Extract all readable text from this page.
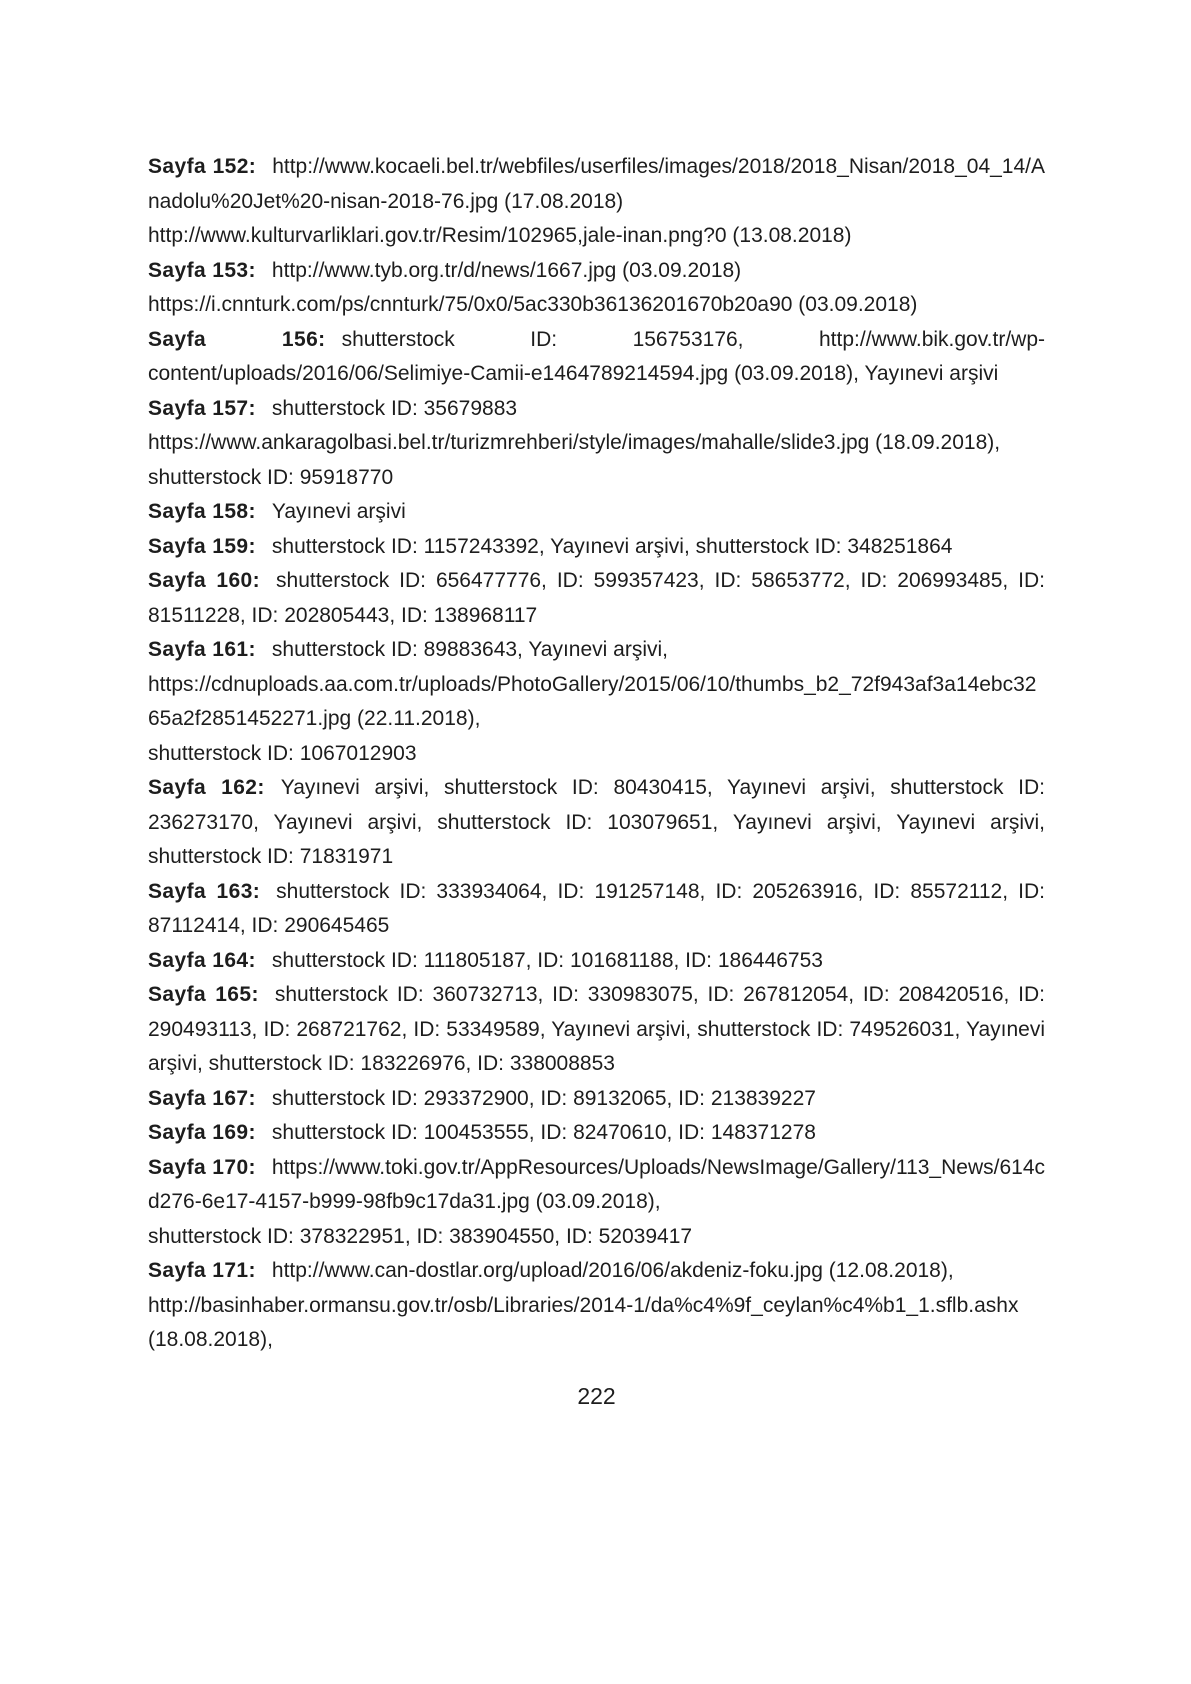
Sayfa 152: http://www.kocaeli.bel.tr/webfiles/userfiles/images/2018/2018_Nisan/2018_04_14/Anadolu%20Jet%20-nisan-2018-76.jpg (17.08.2018)
http://www.kulturvarliklari.gov.tr/Resim/102965,jale-inan.png?0 (13.08.2018)

Sayfa 153: http://www.tyb.org.tr/d/news/1667.jpg (03.09.2018)
https://i.cnnturk.com/ps/cnnturk/75/0x0/5ac330b36136201670b20a90 (03.09.2018)

Sayfa 156: shutterstock ID: 156753176, http://www.bik.gov.tr/wp-content/uploads/2016/06/Selimiye-Camii-e1464789214594.jpg (03.09.2018), Yayınevi arşivi

Sayfa 157: shutterstock ID: 35679883
https://www.ankaragolbasi.bel.tr/turizmrehberi/style/images/mahalle/slide3.jpg (18.09.2018),
shutterstock ID: 95918770

Sayfa 158: Yayınevi arşivi

Sayfa 159: shutterstock ID: 1157243392, Yayınevi arşivi, shutterstock ID: 348251864

Sayfa 160: shutterstock ID: 656477776, ID: 599357423, ID: 58653772, ID: 206993485, ID: 81511228, ID: 202805443, ID: 138968117

Sayfa 161: shutterstock ID: 89883643, Yayınevi arşivi,
https://cdnuploads.aa.com.tr/uploads/PhotoGallery/2015/06/10/thumbs_b2_72f943af3a14ebc3265a2f2851452271.jpg (22.11.2018),
shutterstock ID: 1067012903

Sayfa 162: Yayınevi arşivi, shutterstock ID: 80430415, Yayınevi arşivi, shutterstock ID: 236273170, Yayınevi arşivi, shutterstock ID: 103079651, Yayınevi arşivi, Yayınevi arşivi, shutterstock ID: 71831971

Sayfa 163: shutterstock ID: 333934064, ID: 191257148, ID: 205263916, ID: 85572112, ID: 87112414, ID: 290645465

Sayfa 164: shutterstock ID: 111805187, ID: 101681188, ID: 186446753

Sayfa 165: shutterstock ID: 360732713, ID: 330983075, ID: 267812054, ID: 208420516, ID: 290493113, ID: 268721762, ID: 53349589, Yayınevi arşivi, shutterstock ID: 749526031, Yayınevi arşivi, shutterstock ID: 183226976, ID: 338008853

Sayfa 167: shutterstock ID: 293372900, ID: 89132065, ID: 213839227

Sayfa 169: shutterstock ID: 100453555, ID: 82470610, ID: 148371278

Sayfa 170: https://www.toki.gov.tr/AppResources/Uploads/NewsImage/Gallery/113_News/614cd276-6e17-4157-b999-98fb9c17da31.jpg (03.09.2018),
shutterstock ID: 378322951, ID: 383904550, ID: 52039417

Sayfa 171: http://www.can-dostlar.org/upload/2016/06/akdeniz-foku.jpg (12.08.2018),
http://basinhaber.ormansu.gov.tr/osb/Libraries/2014-1/da%c4%9f_ceylan%c4%b1_1.sflb.ashx (18.08.2018),

222
